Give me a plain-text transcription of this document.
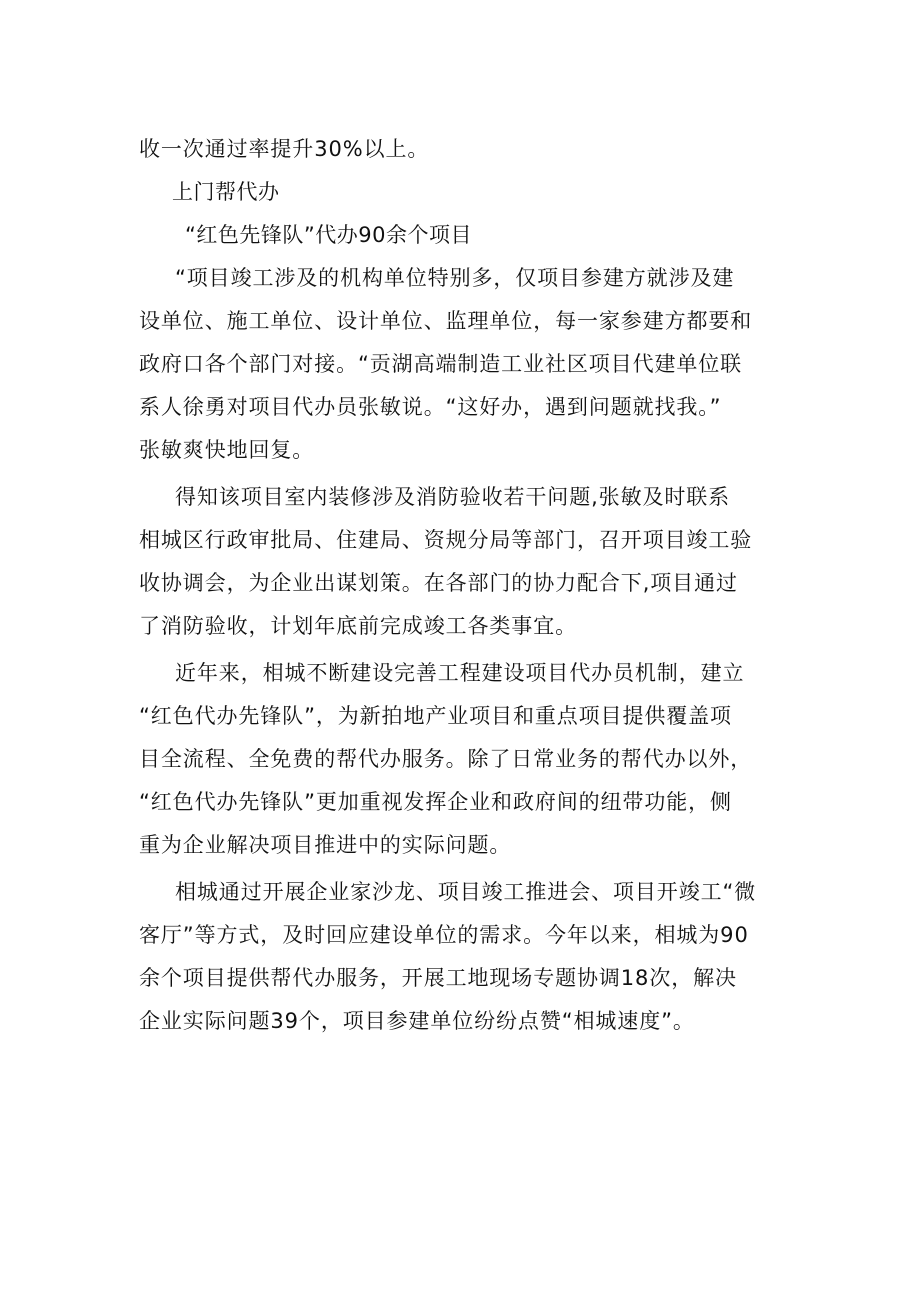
收一次通过率提升30%以上。
上门帮代办
“红色先锋队”代办90余个项目
“项目竣工涉及的机构单位特别多，仅项目参建方就涉及建
设单位、施工单位、设计单位、监理单位，每一家参建方都要和
政府口各个部门对接。“贡湖高端制造工业社区项目代建单位联
系人徐勇对项目代办员张敏说。“这好办，遇到问题就找我。”
张敏爽快地回复。
得知该项目室内装修涉及消防验收若干问题,张敏及时联系
相城区行政审批局、住建局、资规分局等部门，召开项目竣工验
收协调会，为企业出谋划策。在各部门的协力配合下,项目通过
了消防验收，计划年底前完成竣工各类事宜。
近年来，相城不断建设完善工程建设项目代办员机制，建立
“红色代办先锋队”，为新拍地产业项目和重点项目提供覆盖项
目全流程、全免费的帮代办服务。除了日常业务的帮代办以外，
“红色代办先锋队”更加重视发挥企业和政府间的纽带功能，侧
重为企业解决项目推进中的实际问题。
相城通过开展企业家沙龙、项目竣工推进会、项目开竣工“微
客厅”等方式，及时回应建设单位的需求。今年以来，相城为90
余个项目提供帮代办服务，开展工地现场专题协调18次，解决
企业实际问题39个，项目参建单位纷纷点赞“相城速度”。
